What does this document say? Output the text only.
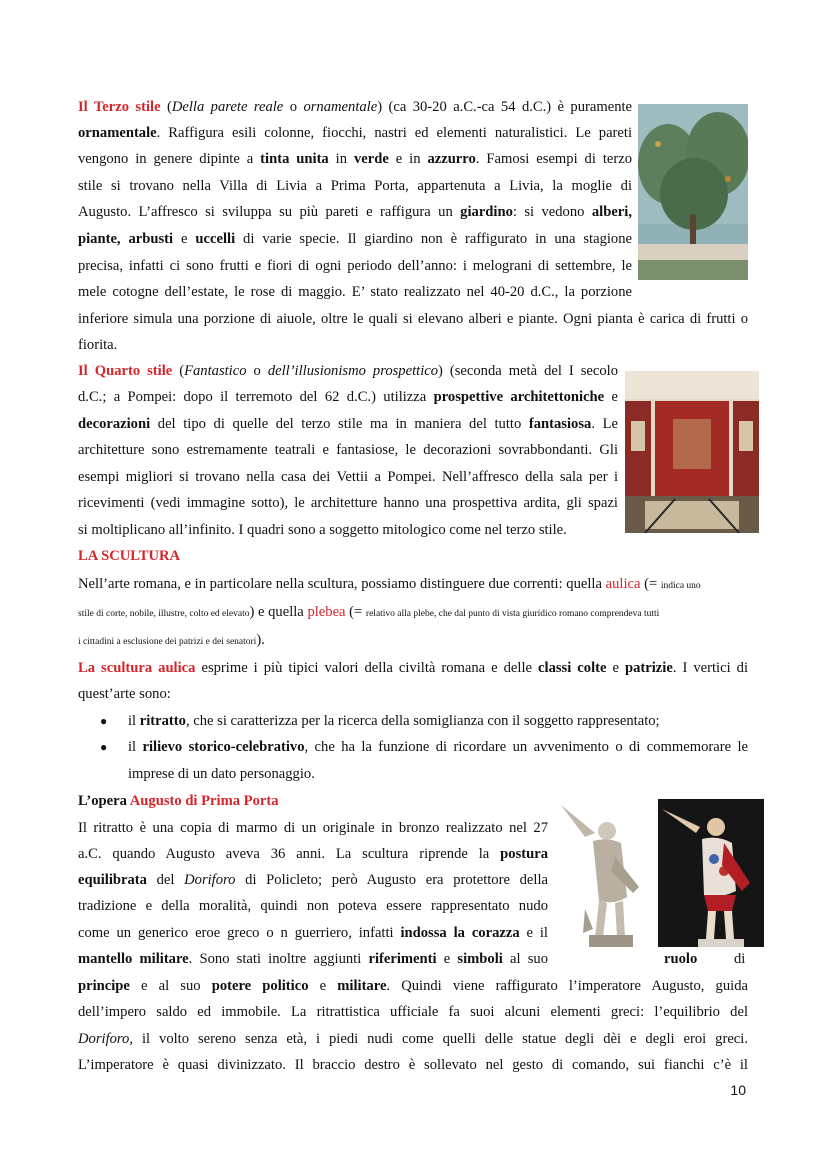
Il Terzo stile (Della parete reale o ornamentale) (ca 30-20 a.C.-ca 54 d.C.) è puramente
ornamentale. Raffigura esili colonne, fiocchi, nastri ed elementi naturalistici. Le pareti
vengono in genere dipinte a tinta unita in verde e in azzurro. Famosi esempi di terzo
stile si trovano nella Villa di Livia a Prima Porta, appartenuta a Livia, la moglie di
Augusto. L’affresco si sviluppa su più pareti e raffigura un giardino: si vedono alberi,
piante, arbusti e uccelli di varie specie. Il giardino non è raffigurato in una stagione
precisa, infatti ci sono frutti e fiori di ogni periodo dell’anno: i melograni di settembre, le
mele cotogne dell’estate, le rose di maggio. E’ stato realizzato nel 40-20 d.C., la porzione
inferiore simula una porzione di aiuole, oltre le quali si elevano alberi e piante. Ogni pianta è carica di frutti o
fiorita.
Il Quarto stile (Fantastico o dell’illusionismo prospettico) (seconda metà del I secolo
d.C.; a Pompei: dopo il terremoto del 62 d.C.) utilizza prospettive architettoniche e
decorazioni del tipo di quelle del terzo stile ma in maniera del tutto fantasiosa. Le
architetture sono estremamente teatrali e fantasiose, le decorazioni sovrabbondanti. Gli
esempi migliori si trovano nella casa dei Vettii a Pompei. Nell’affresco della sala per i
ricevimenti (vedi immagine sotto), le architetture hanno una prospettiva ardita, gli spazi
si moltiplicano all’infinito. I quadri sono a soggetto mitologico come nel terzo stile.
LA SCULTURA
Nell’arte romana, e in particolare nella scultura, possiamo distinguere due correnti: quella aulica (= indica uno
stile di corte, nobile, illustre, colto ed elevato) e quella plebea (= relativo alla plebe, che dal punto di vista giuridico romano comprendeva tutti
i cittadini a esclusione dei patrizi e dei senatori).
La scultura aulica esprime i più tipici valori della civiltà romana e delle classi colte e patrizie. I vertici di
quest’arte sono:
● il ritratto, che si caratterizza per la ricerca della somiglianza con il soggetto rappresentato;
● il rilievo storico-celebrativo, che ha la funzione di ricordare un avvenimento o di commemorare le
imprese di un dato personaggio.
L’opera Augusto di Prima Porta
Il ritratto è una copia di marmo di un originale in bronzo realizzato nel 27
a.C. quando Augusto aveva 36 anni. La scultura riprende la postura
equilibrata del Doriforo di Policleto; però Augusto era protettore della
tradizione e della moralità, quindi non poteva essere rappresentato nudo
come un generico eroe greco o n guerriero, infatti indossa la corazza e il
mantello militare. Sono stati inoltre aggiunti riferimenti e simboli al suo	ruolo	di
principe e al suo potere politico e militare. Quindi viene raffigurato l’imperatore Augusto, guida
dell’impero saldo ed immobile. La ritrattistica ufficiale fa suoi alcuni elementi greci: l’equilibrio del
Doriforo, il volto sereno senza età, i piedi nudi come quelli delle statue degli dèi e degli eroi greci.
L’imperatore è quasi divinizzato. Il braccio destro è sollevato nel gesto di comando, sui fianchi c’è il
10
